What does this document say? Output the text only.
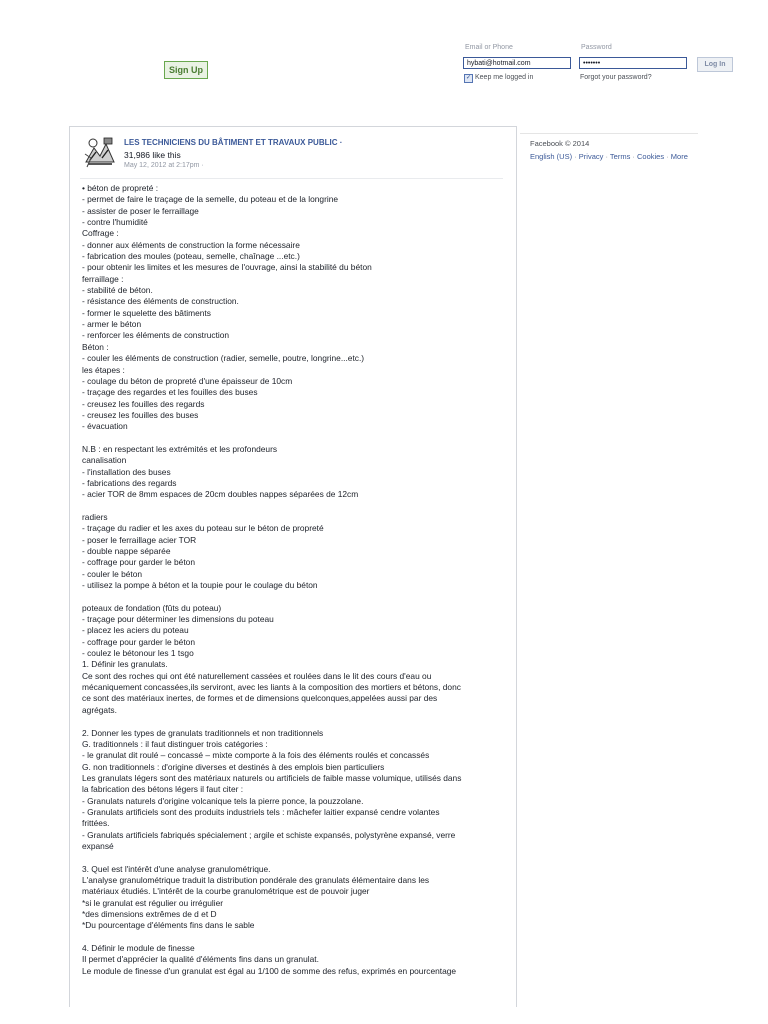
Sign Up
Email or Phone	Password
hybati@hotmail.com	•••••••	Log In
✓ Keep me logged in	Forgot your password?
LES TECHNICIENS DU BÂTIMENT ET TRAVAUX PUBLIC ·
31,986 like this
May 12, 2012 at 2:17pm ·
• béton de propreté :
- permet de faire le traçage de la semelle, du poteau et de la longrine
- assister de poser le ferraillage
- contre l'humidité
Coffrage :
- donner aux éléments de construction la forme nécessaire
- fabrication des moules (poteau, semelle, chaînage ...etc.)
- pour obtenir les limites et les mesures de l'ouvrage, ainsi la stabilité du béton
ferraillage :
- stabilité de béton.
- résistance des éléments de construction.
- former le squelette des bâtiments
- armer le béton
- renforcer les éléments de construction
Béton :
- couler les éléments de construction (radier, semelle, poutre, longrine...etc.)
les étapes :
- coulage du béton de propreté d'une épaisseur de 10cm
- traçage des regardes et les fouilles des buses
- creusez les fouilles des regards
- creusez les fouilles des buses
- évacuation
N.B : en respectant les extrémités et les profondeurs
canalisation
- l'installation des buses
- fabrications des regards
- acier TOR de 8mm espaces de 20cm doubles nappes séparées de 12cm
radiers
- traçage du radier et les axes du poteau sur le béton de propreté
- poser le ferraillage acier TOR
- double nappe séparée
- coffrage pour garder le béton
- couler le béton
- utilisez la pompe à béton et la toupie pour le coulage du béton
poteaux de fondation (fûts du poteau)
- traçage pour déterminer les dimensions du poteau
- placez les aciers du poteau
- coffrage pour garder le béton
- coulez le bétonour les 1 tsgo
1. Définir les granulats.
Ce sont des roches qui ont été naturellement cassées et roulées dans le lit des cours d'eau ou
mécaniquement concassées,ils serviront, avec les liants à la composition des mortiers et bétons, donc
ce sont des matériaux inertes, de formes et de dimensions quelconques,appelées aussi par des
agrégats.
2. Donner les types de granulats traditionnels et non traditionnels
G. traditionnels : il faut distinguer trois catégories :
- le granulat dit roulé – concassé – mixte comporte à la fois des éléments roulés et concassés
G. non traditionnels : d'origine diverses et destinés à des emplois bien particuliers
Les granulats légers sont des matériaux naturels ou artificiels de faible masse volumique, utilisés dans
la fabrication des bétons légers il faut citer :
- Granulats naturels d'origine volcanique tels la pierre ponce, la pouzzolane.
- Granulats artificiels sont des produits industriels tels : mâchefer laitier expansé cendre volantes
frittées.
- Granulats artificiels fabriqués spécialement ; argile et schiste expansés, polystyrène expansé, verre
expansé
3. Quel est l'intérêt d'une analyse granulométrique.
L'analyse granulométrique traduit la distribution pondérale des granulats élémentaire dans les
matériaux étudiés. L'intérêt de la courbe granulométrique est de pouvoir juger
*si le granulat est régulier ou irrégulier
*des dimensions extrêmes de d et D
*Du pourcentage d'éléments fins dans le sable
4. Définir le module de finesse
Il permet d'apprécier la qualité d'éléments fins dans un granulat.
Le module de finesse d'un granulat est égal au 1/100 de somme des refus, exprimés en pourcentage
Facebook © 2014
English (US) · Privacy · Terms · Cookies · More
